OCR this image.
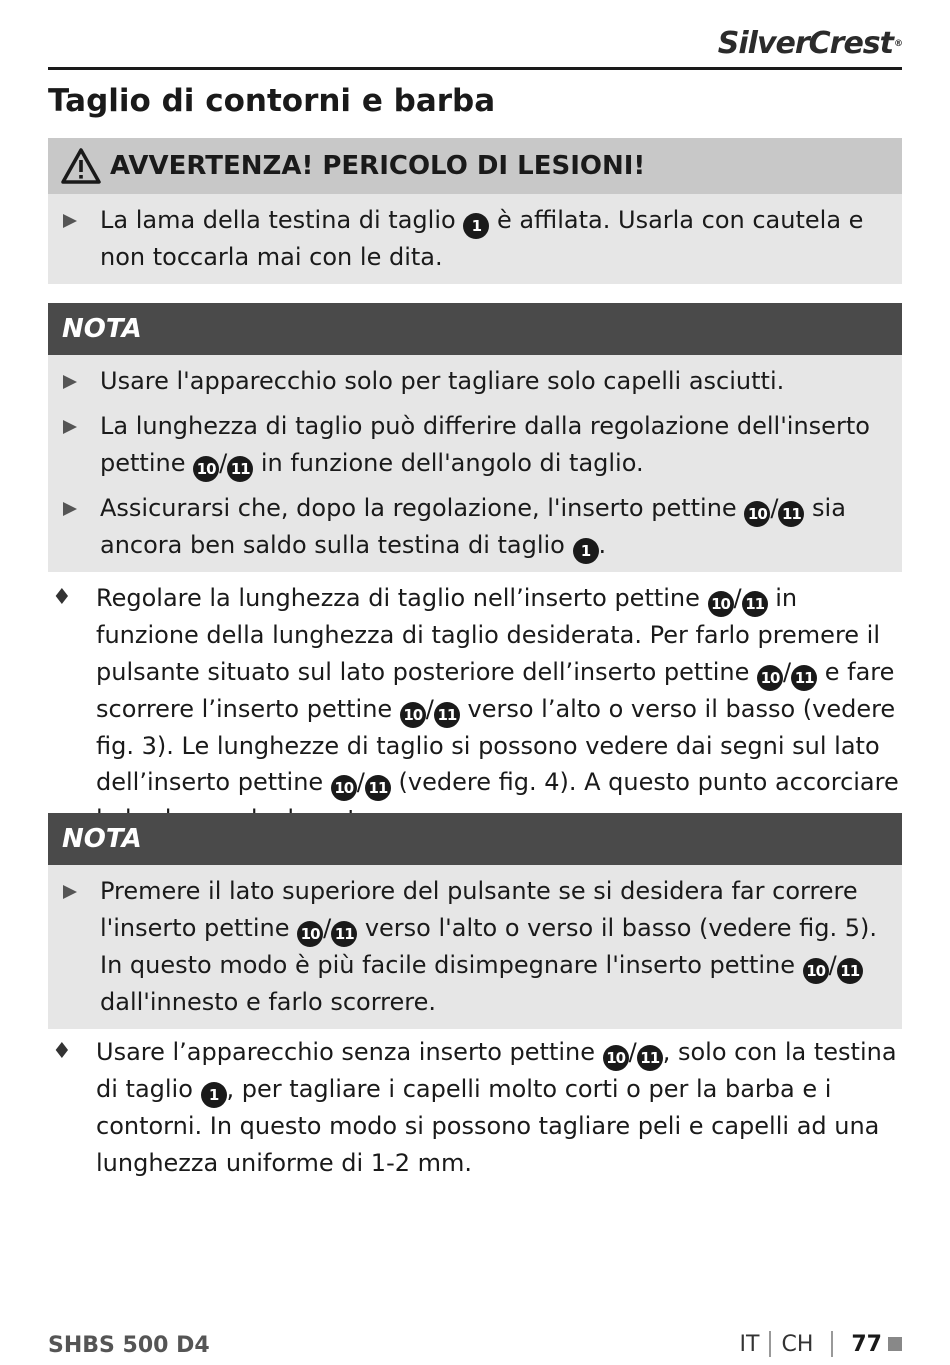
SilverCrest®
Taglio di contorni e barba
AVVERTENZA! PERICOLO DI LESIONI!
La lama della testina di taglio 1 è affilata. Usarla con cautela e non toccarla mai con le dita.
NOTA
Usare l'apparecchio solo per tagliare solo capelli asciutti.
La lunghezza di taglio può differire dalla regolazione dell'inserto pettine 10 / 11 in funzione dell'angolo di taglio.
Assicurarsi che, dopo la regolazione, l'inserto pettine 10 / 11 sia ancora ben saldo sulla testina di taglio 1 .
♦	Regolare la lunghezza di taglio nell’inserto pettine 10 / 11 in funzione della lunghezza di taglio desiderata. Per farlo premere il pulsante situato sul lato posteriore dell’inserto pettine 10 / 11 e fare scorrere l’inserto pettine 10 / 11 verso l’alto o verso il basso (vedere fig. 3). Le lunghezze di taglio si possono vedere dai segni sul lato dell’inserto pettine 10 / 11 (vedere fig. 4). A questo punto accorciare

NOTA
Premere il lato superiore del pulsante se si desidera far correre l'inserto pettine 10 / 11 verso l'alto o verso il basso (vedere fig. 5). In questo modo è più facile disimpegnare l'inserto pettine 10 / 11 dall'innesto e farlo scorrere.
♦	Usare l’apparecchio senza inserto pettine 10 / 11 , solo con la testina di taglio 1 , per tagliare i capelli molto corti o per la barba e i contorni. In questo modo si possono tagliare peli e capelli ad una lunghezza uniforme di 1-2 mm.

SHBS 500 D4	IT CH 77
